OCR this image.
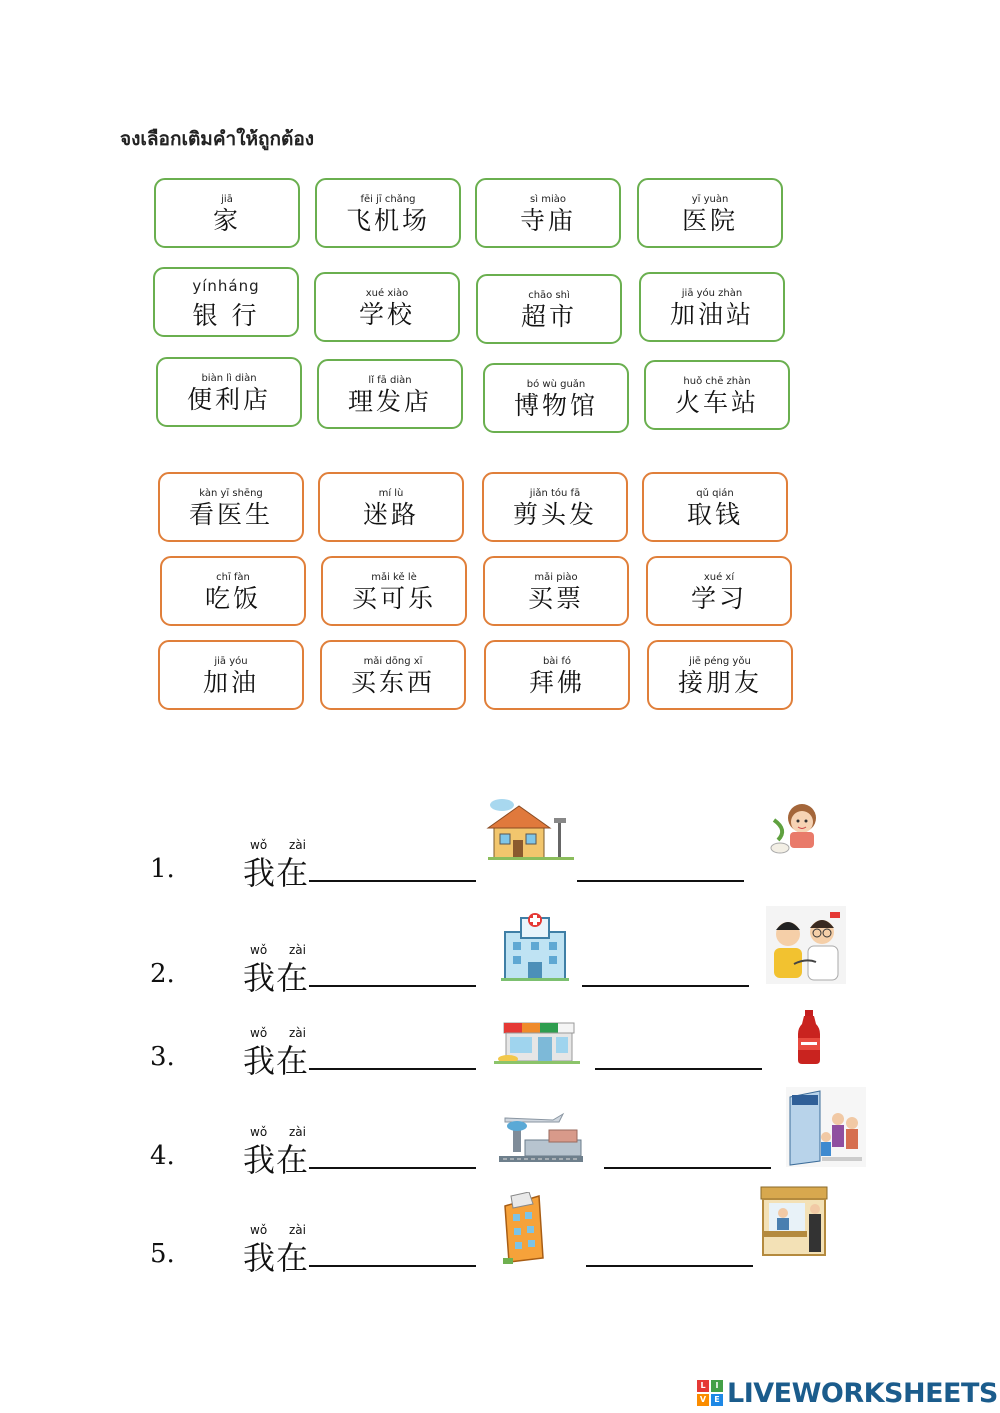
จงเลือกเติมคำให้ถูกต้อง
jiā
家
fēi jī chǎng
飞机场
sì miào
寺庙
yī yuàn
医院
yínháng
银 行
xué xiào
学校
chāo shì
超市
jiā yóu zhàn
加油站
biàn lì diàn
便利店
lǐ fā diàn
理发店
bó wù guǎn
博物馆
huǒ chē zhàn
火车站
kàn yī shēng
看医生
mí lù
迷路
jiǎn tóu fā
剪头发
qǔ qián
取钱
chī fàn
吃饭
mǎi kě lè
买可乐
mǎi piào
买票
xué xí
学习
jiā yóu
加油
mǎi dōng xī
买东西
bài fó
拜佛
jiē péng yǒu
接朋友
wǒ zài
1. 我在
wǒ zài
2. 我在
wǒ zài
3. 我在
wǒ zài
4. 我在
wǒ zài
5. 我在
L	I
V	E LIVEWORKSHEETS
